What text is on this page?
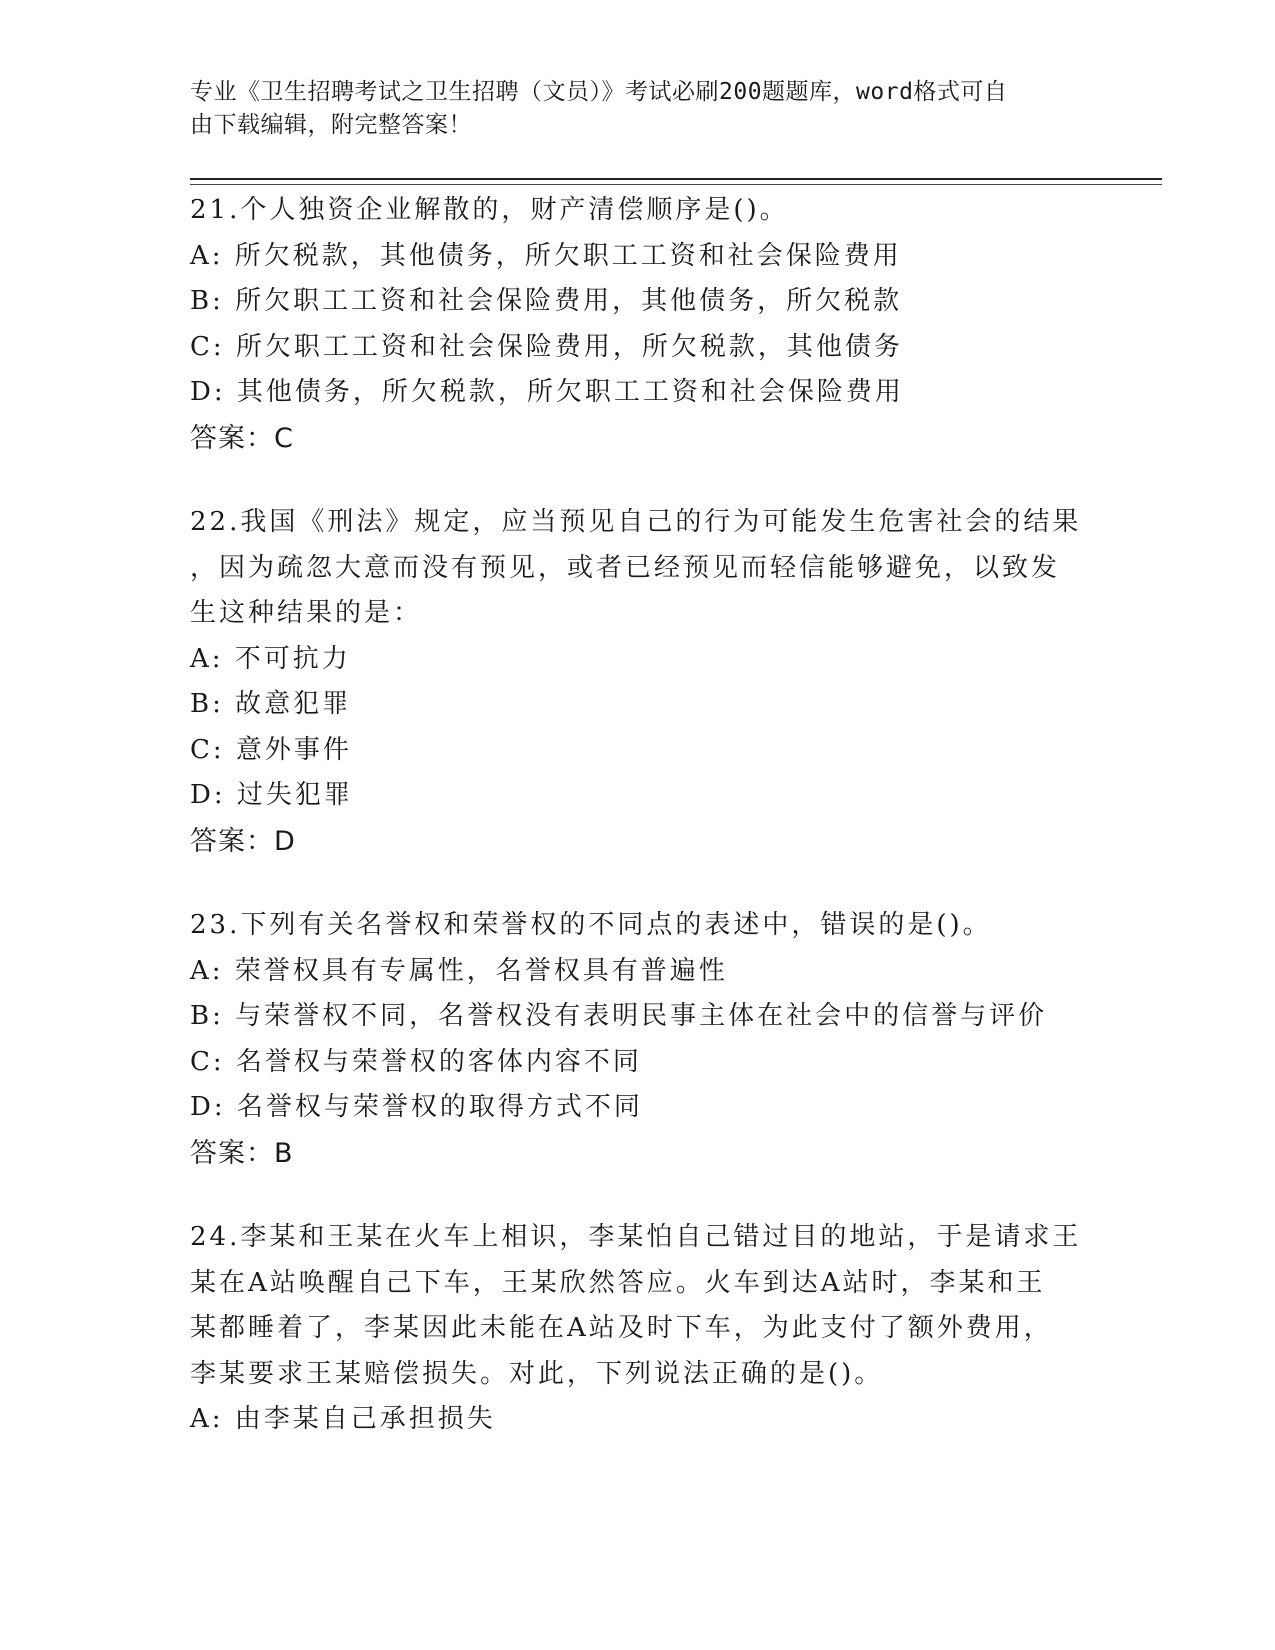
专业《卫生招聘考试之卫生招聘（文员）》考试必刷200题题库，word格式可自
由下载编辑，附完整答案！
21.个人独资企业解散的，财产清偿顺序是()。
A: 所欠税款，其他债务，所欠职工工资和社会保险费用
B: 所欠职工工资和社会保险费用，其他债务，所欠税款
C: 所欠职工工资和社会保险费用，所欠税款，其他债务
D: 其他债务，所欠税款，所欠职工工资和社会保险费用
答案：C
22.我国《刑法》规定，应当预见自己的行为可能发生危害社会的结果
，因为疏忽大意而没有预见，或者已经预见而轻信能够避免，以致发
生这种结果的是：
A: 不可抗力
B: 故意犯罪
C: 意外事件
D: 过失犯罪
答案：D
23.下列有关名誉权和荣誉权的不同点的表述中，错误的是()。
A: 荣誉权具有专属性，名誉权具有普遍性
B: 与荣誉权不同，名誉权没有表明民事主体在社会中的信誉与评价
C: 名誉权与荣誉权的客体内容不同
D: 名誉权与荣誉权的取得方式不同
答案：B
24.李某和王某在火车上相识，李某怕自己错过目的地站，于是请求王
某在A站唤醒自己下车，王某欣然答应。火车到达A站时，李某和王
某都睡着了，李某因此未能在A站及时下车，为此支付了额外费用，
李某要求王某赔偿损失。对此，下列说法正确的是()。
A: 由李某自己承担损失
